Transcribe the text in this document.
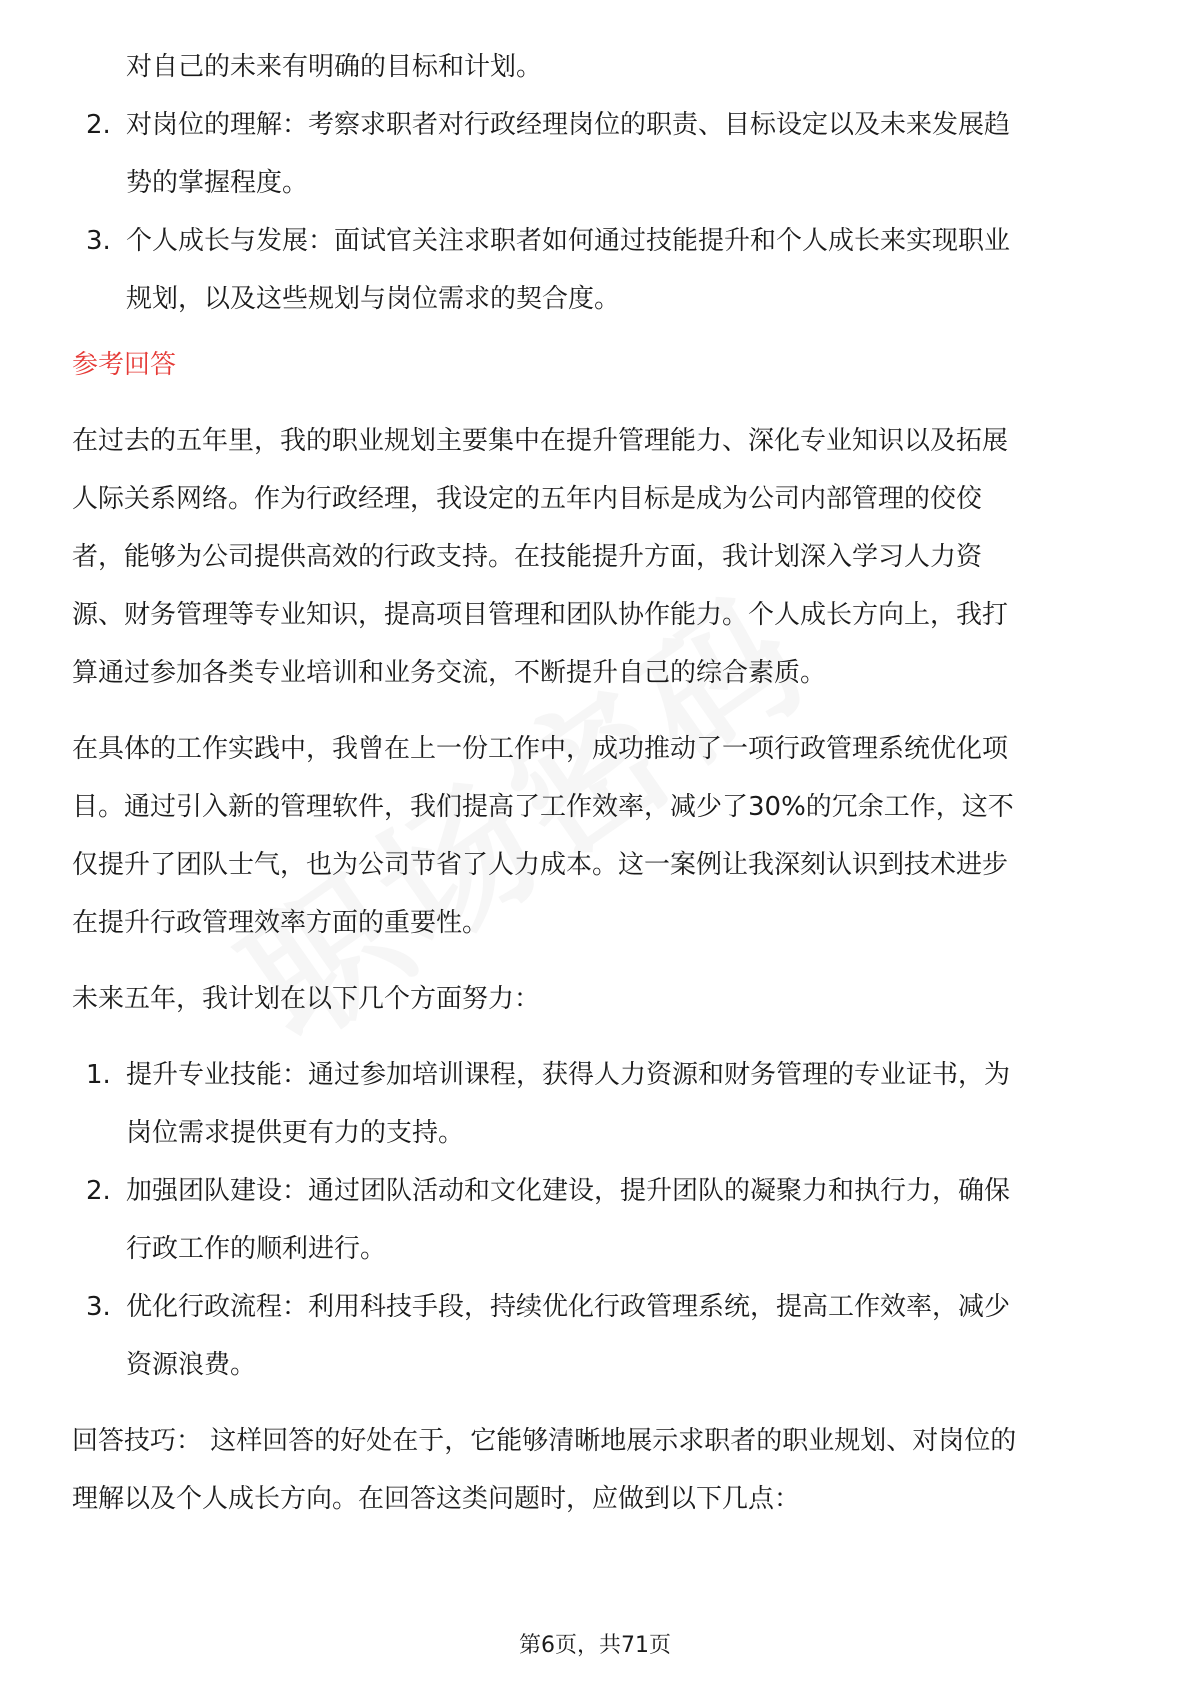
对自己的未来有明确的目标和计划。
2. 对岗位的理解：考察求职者对行政经理岗位的职责、目标设定以及未来发展趋
势的掌握程度。
3. 个人成长与发展：面试官关注求职者如何通过技能提升和个人成长来实现职业
规划，以及这些规划与岗位需求的契合度。
参考回答
在过去的五年里，我的职业规划主要集中在提升管理能力、深化专业知识以及拓展
人际关系网络。作为行政经理，我设定的五年内目标是成为公司内部管理的佼佼
者，能够为公司提供高效的行政支持。在技能提升方面，我计划深入学习人力资
源、财务管理等专业知识，提高项目管理和团队协作能力。个人成长方向上，我打
算通过参加各类专业培训和业务交流，不断提升自己的综合素质。
在具体的工作实践中，我曾在上一份工作中，成功推动了一项行政管理系统优化项
目。通过引入新的管理软件，我们提高了工作效率，减少了30%的冗余工作，这不
仅提升了团队士气，也为公司节省了人力成本。这一案例让我深刻认识到技术进步
在提升行政管理效率方面的重要性。
未来五年，我计划在以下几个方面努力：
1. 提升专业技能：通过参加培训课程，获得人力资源和财务管理的专业证书，为
岗位需求提供更有力的支持。
2. 加强团队建设：通过团队活动和文化建设，提升团队的凝聚力和执行力，确保
行政工作的顺利进行。
3. 优化行政流程：利用科技手段，持续优化行政管理系统，提高工作效率，减少
资源浪费。
回答技巧： 这样回答的好处在于，它能够清晰地展示求职者的职业规划、对岗位的
理解以及个人成长方向。在回答这类问题时，应做到以下几点：
第6页，共71页
